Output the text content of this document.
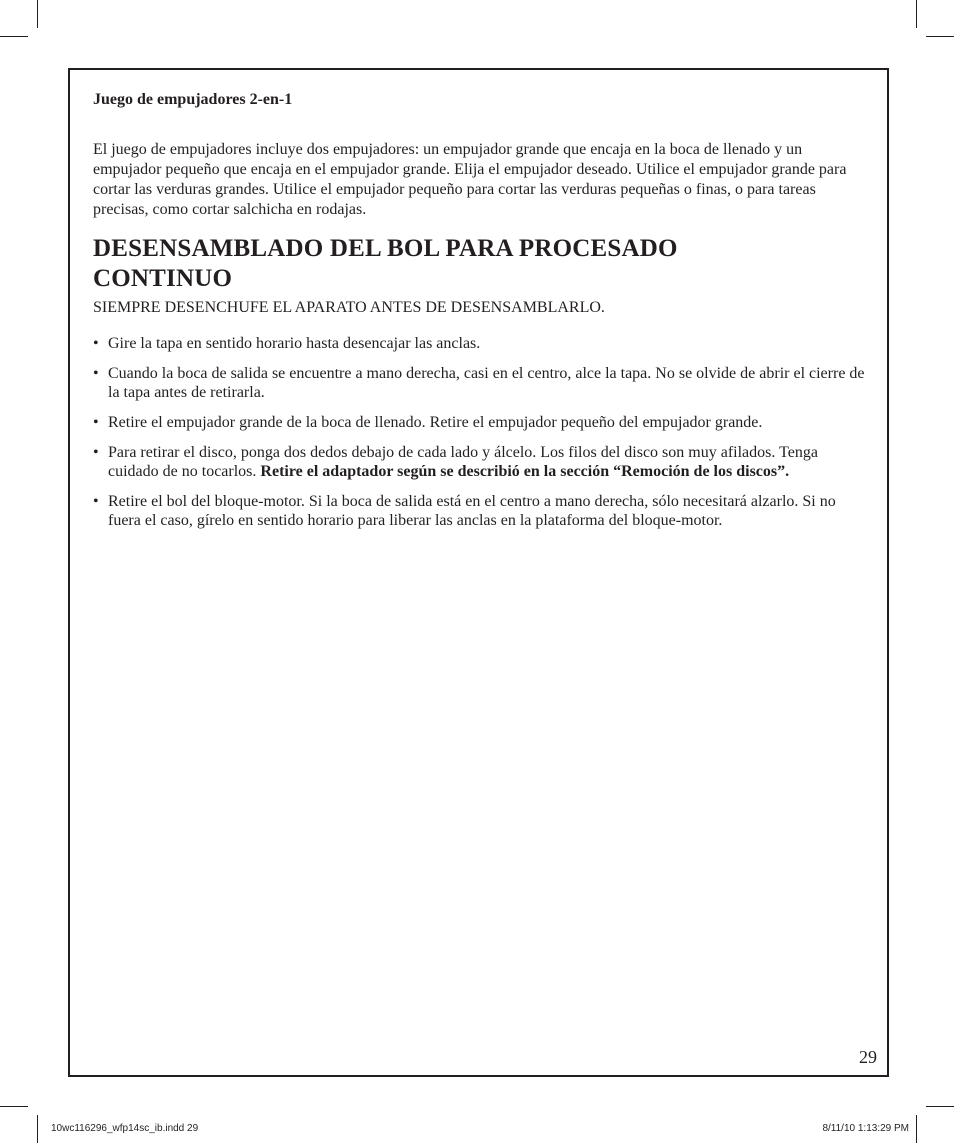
Juego de empujadores 2-en-1

El juego de empujadores incluye dos empujadores: un empujador grande que encaja en la boca de llenado y un empujador pequeño que encaja en el empujador grande. Elija el empujador deseado. Utilice el empujador grande para cortar las verduras grandes. Utilice el empujador pequeño para cortar las verduras pequeñas o finas, o para tareas precisas, como cortar salchicha en rodajas.

DESENSAMBLADO DEL BOL PARA PROCESADO CONTINUO

SIEMPRE DESENCHUFE EL APARATO ANTES DE DESENSAMBLARLO.

• Gire la tapa en sentido horario hasta desencajar las anclas.
• Cuando la boca de salida se encuentre a mano derecha, casi en el centro, alce la tapa. No se olvide de abrir el cierre de la tapa antes de retirarla.
• Retire el empujador grande de la boca de llenado. Retire el empujador pequeño del empujador grande.
• Para retirar el disco, ponga dos dedos debajo de cada lado y álcelo. Los filos del disco son muy afilados. Tenga cuidado de no tocarlos. Retire el adaptador según se describió en la sección “Remoción de los discos”.
• Retire el bol del bloque-motor. Si la boca de salida está en el centro a mano derecha, sólo necesitará alzarlo. Si no fuera el caso, gírelo en sentido horario para liberar las anclas en la plataforma del bloque-motor.
29
10wc116296_wfp14sc_ib.indd 29	8/11/10 1:13:29 PM
